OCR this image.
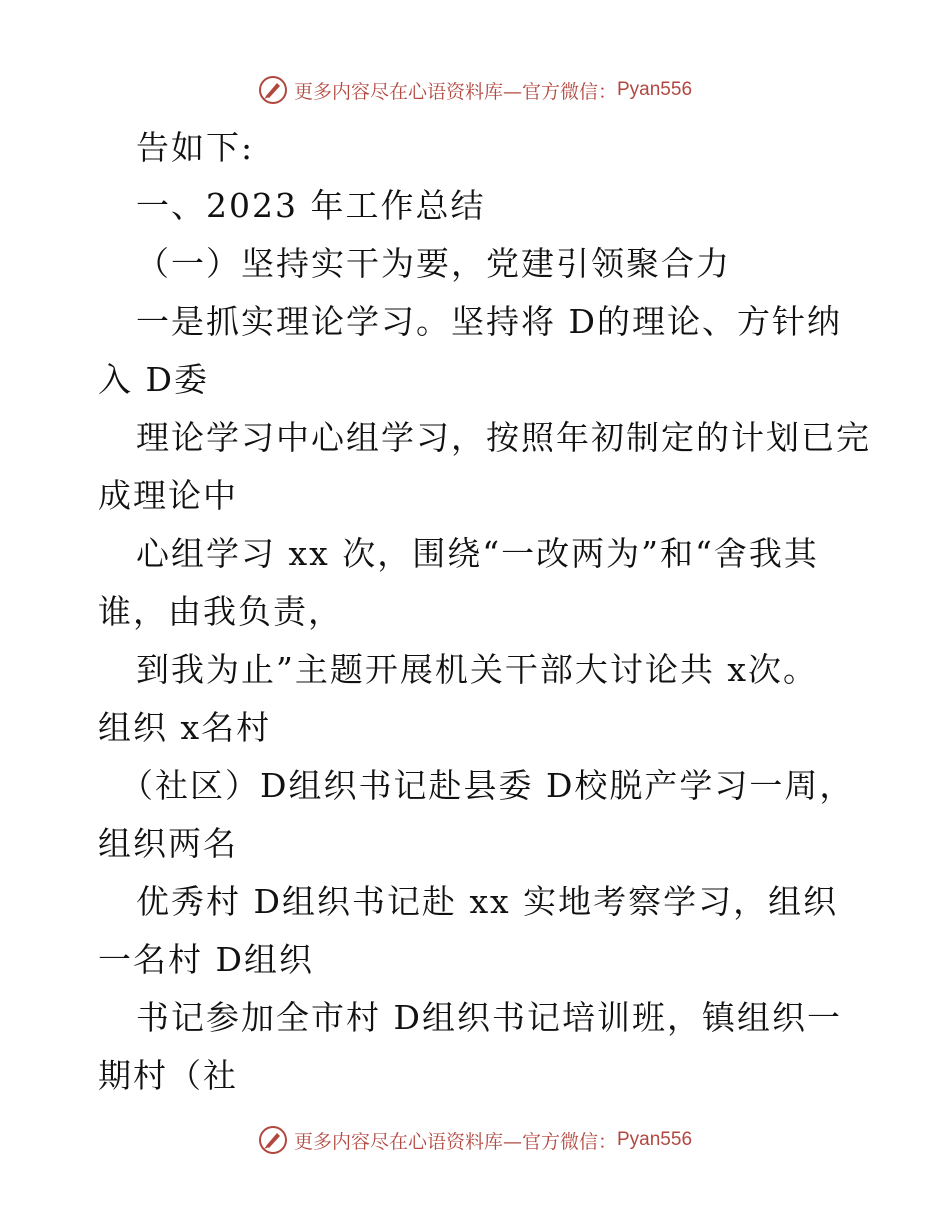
更多内容尽在心语资料库—官方微信： Pyan556
告如下:
一、2023 年工作总结
（一）坚持实干为要，党建引领聚合力
一是抓实理论学习。坚持将 D的理论、方针纳
入 D委
理论学习中心组学习，按照年初制定的计划已完
成理论中
心组学习 xx 次，围绕“一改两为”和“舍我其
谁，由我负责，
到我为止”主题开展机关干部大讨论共 x次。
组织 x名村
（社区）D组织书记赴县委 D校脱产学习一周，
组织两名
优秀村 D组织书记赴 xx 实地考察学习，组织
一名村 D组织
书记参加全市村 D组织书记培训班，镇组织一
期村（社
更多内容尽在心语资料库—官方微信： Pyan556
